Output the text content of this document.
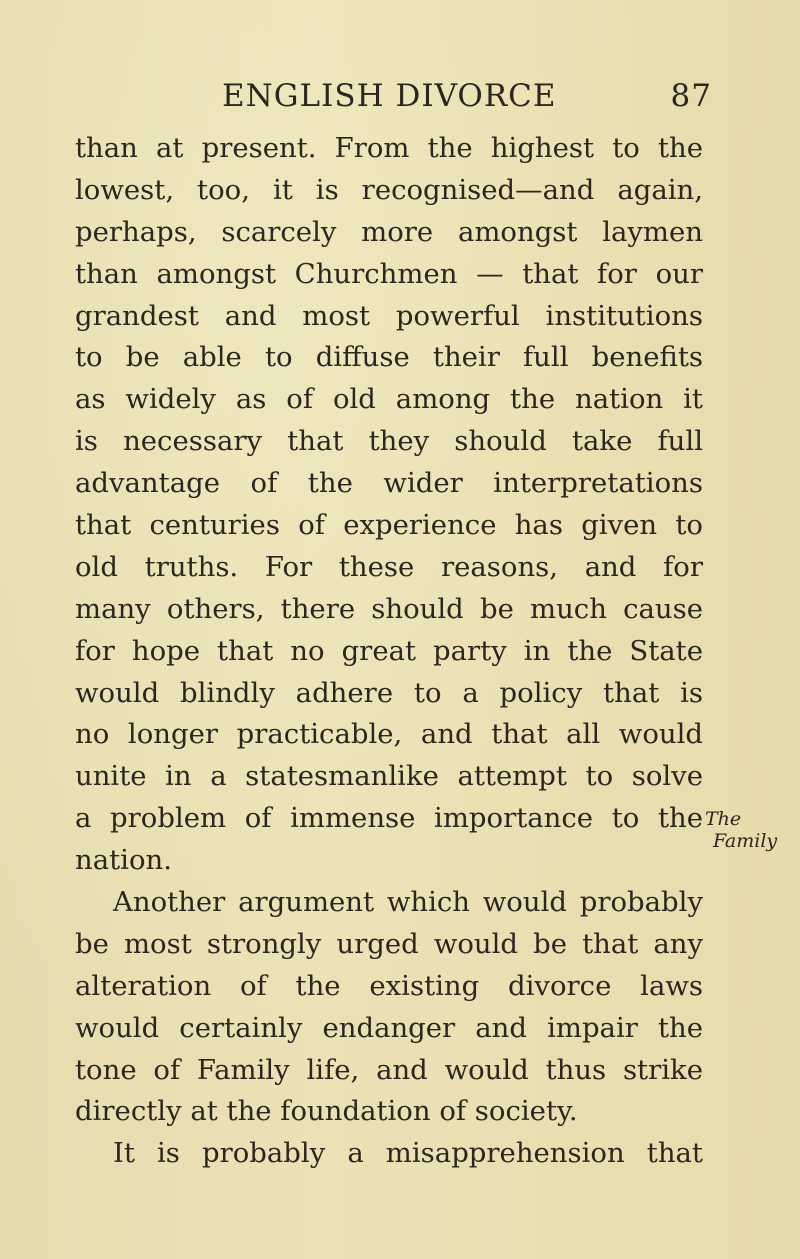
ENGLISH DIVORCE	87
than at present. From the highest to the
lowest, too, it is recognised—and again,
perhaps, scarcely more amongst laymen
than amongst Churchmen — that for our
grandest and most powerful institutions
to be able to diffuse their full benefits
as widely as of old among the nation it
is necessary that they should take full
advantage of the wider interpretations
that centuries of experience has given to
old truths. For these reasons, and for
many others, there should be much cause
for hope that no great party in the State
would blindly adhere to a policy that is
no longer practicable, and that all would
unite in a statesmanlike attempt to solve
a problem of immense importance to the
nation.
Another argument which would probably
be most strongly urged would be that any
alteration of the existing divorce laws
would certainly endanger and impair the
tone of Family life, and would thus strike
directly at the foundation of society.
It is probably a misapprehension that
The
Family
